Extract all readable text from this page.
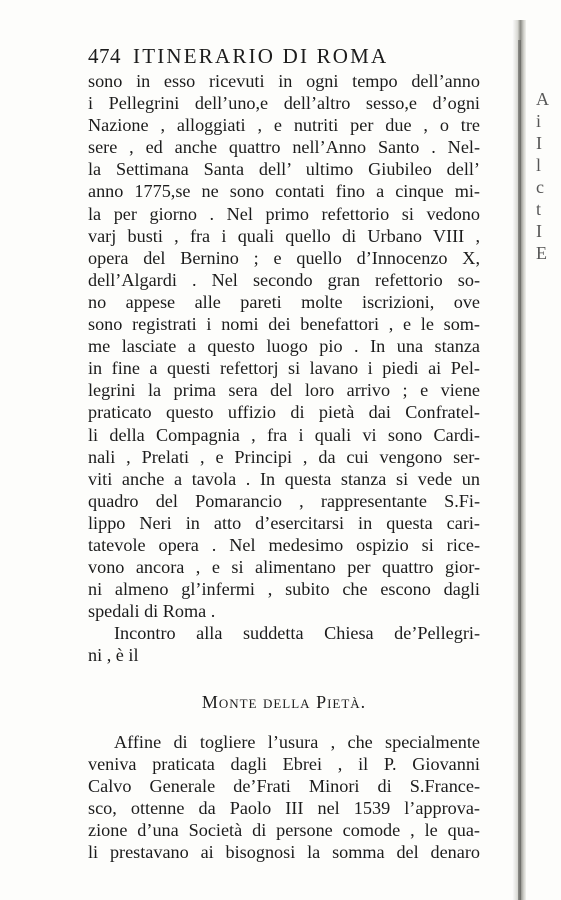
474 ITINERARIO DI ROMA
sono in esso ricevuti in ogni tempo dell’anno
i Pellegrini dell’uno,e dell’altro sesso,e d’ogni
Nazione , alloggiati , e nutriti per due , o tre
sere , ed anche quattro nell’Anno Santo . Nel-
la Settimana Santa dell’ ultimo Giubileo dell’
anno 1775,se ne sono contati fino a cinque mi-
la per giorno . Nel primo refettorio si vedono
varj busti , fra i quali quello di Urbano VIII ,
opera del Bernino ; e quello d’Innocenzo X,
dell’Algardi . Nel secondo gran refettorio so-
no appese alle pareti molte iscrizioni, ove
sono registrati i nomi dei benefattori , e le som-
me lasciate a questo luogo pio . In una stanza
in fine a questi refettorj si lavano i piedi ai Pel-
legrini la prima sera del loro arrivo ; e viene
praticato questo uffizio di pietà dai Confratel-
li della Compagnia , fra i quali vi sono Cardi-
nali , Prelati , e Principi , da cui vengono ser-
viti anche a tavola . In questa stanza si vede un
quadro del Pomarancio , rappresentante S.Fi-
lippo Neri in atto d’esercitarsi in questa cari-
tatevole opera . Nel medesimo ospizio si rice-
vono ancora , e si alimentano per quattro gior-
ni almeno gl’infermi , subito che escono dagli
spedali di Roma .
Incontro alla suddetta Chiesa de’Pellegri-
ni , è il
Monte della Pietà.
Affine di togliere l’usura , che specialmente
veniva praticata dagli Ebrei , il P. Giovanni
Calvo Generale de’Frati Minori di S.France-
sco, ottenne da Paolo III nel 1539 l’approva-
zione d’una Società di persone comode , le qua-
li prestavano ai bisognosi la somma del denaro
A
i
I
l
c
t
I
E
